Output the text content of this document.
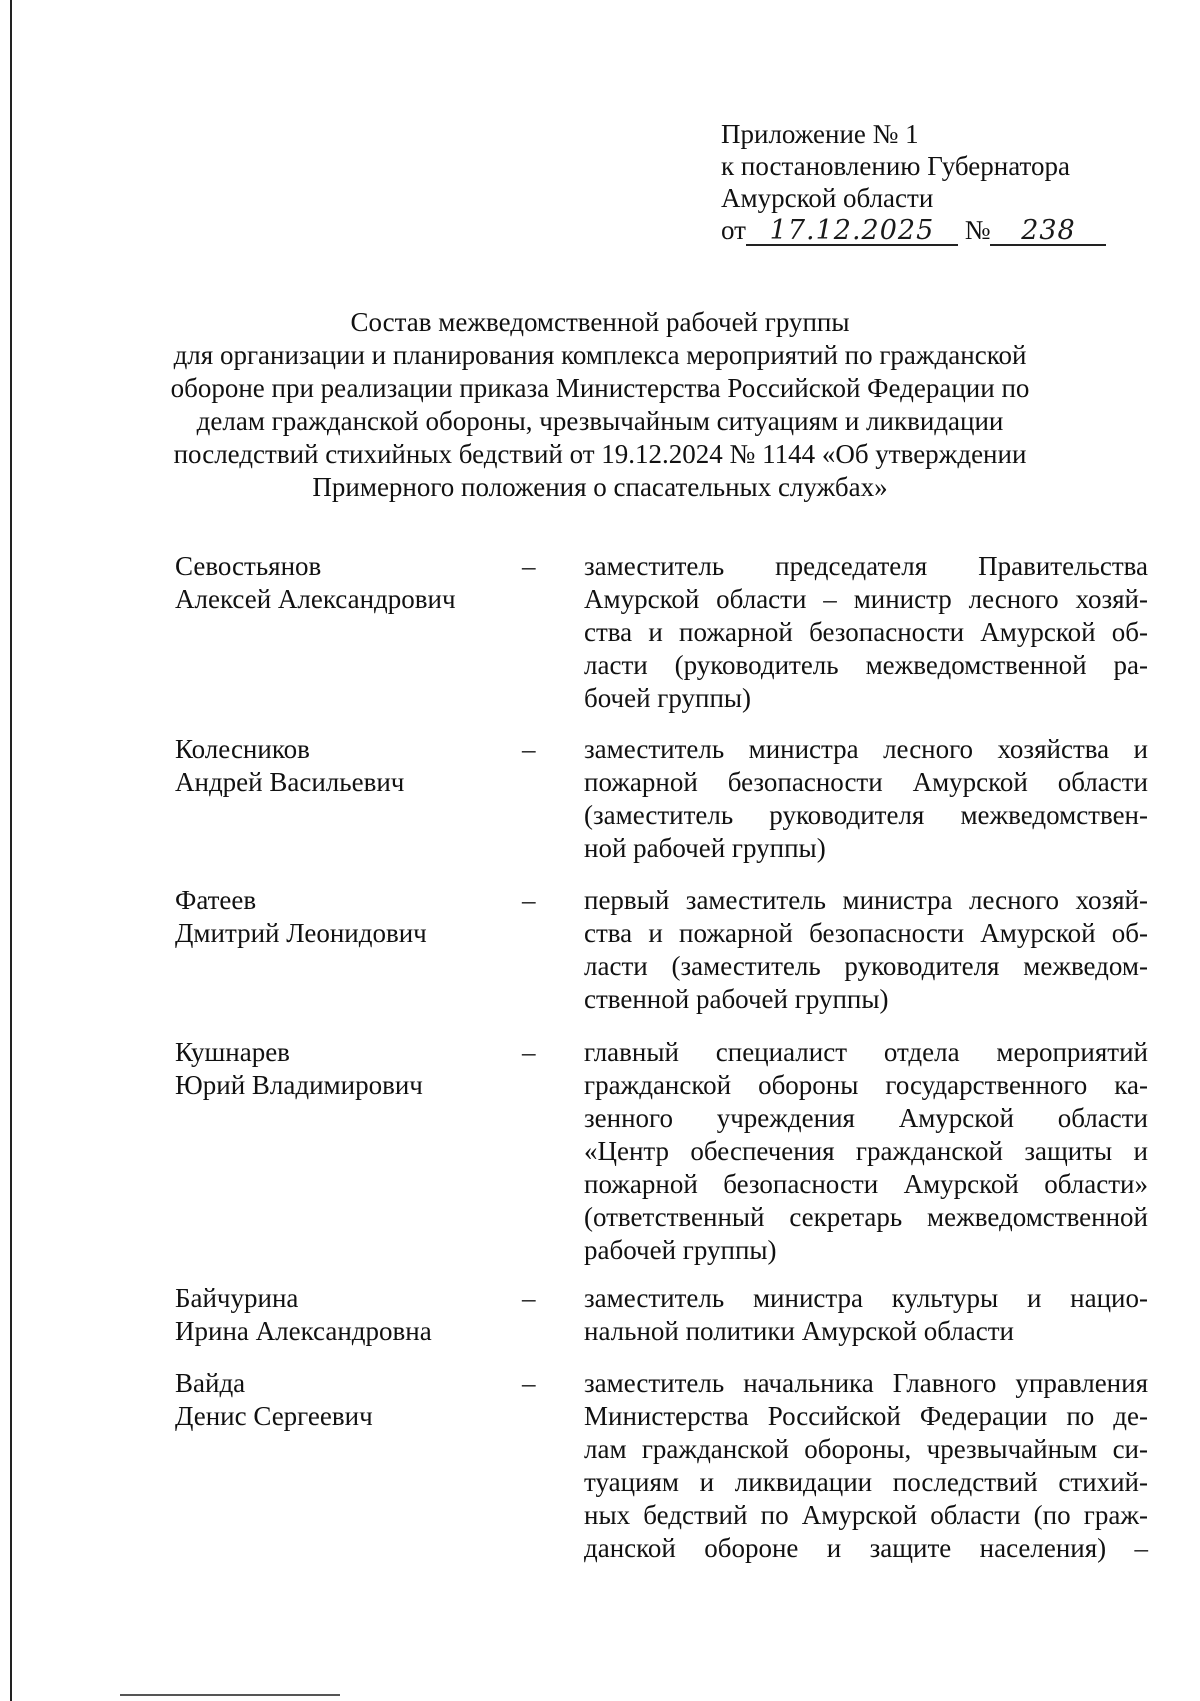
Приложение № 1
к постановлению Губернатора
Амурской области
от 17.12.2025 № 238
Состав межведомственной рабочей группы
для организации и планирования комплекса мероприятий по гражданской
обороне при реализации приказа Министерства Российской Федерации по
делам гражданской обороны, чрезвычайным ситуациям и ликвидации
последствий стихийных бедствий от 19.12.2024 № 1144 «Об утверждении
Примерного положения о спасательных службах»
Севостьянов
Алексей Александрович
– заместитель председателя Правительства
Амурской области – министр лесного хозяй-
ства и пожарной безопасности Амурской об-
ласти (руководитель межведомственной ра-
бочей группы)
Колесников
Андрей Васильевич
– заместитель министра лесного хозяйства и
пожарной безопасности Амурской области
(заместитель руководителя межведомствен-
ной рабочей группы)
Фатеев
Дмитрий Леонидович
– первый заместитель министра лесного хозяй-
ства и пожарной безопасности Амурской об-
ласти (заместитель руководителя межведом-
ственной рабочей группы)
Кушнарев
Юрий Владимирович
– главный специалист отдела мероприятий
гражданской обороны государственного ка-
зенного учреждения Амурской области
«Центр обеспечения гражданской защиты и
пожарной безопасности Амурской области»
(ответственный секретарь межведомственной
рабочей группы)
Байчурина
Ирина Александровна
– заместитель министра культуры и нацио-
нальной политики Амурской области
Вайда
Денис Сергеевич
– заместитель начальника Главного управления
Министерства Российской Федерации по де-
лам гражданской обороны, чрезвычайным си-
туациям и ликвидации последствий стихий-
ных бедствий по Амурской области (по граж-
данской обороне и защите населения) –
